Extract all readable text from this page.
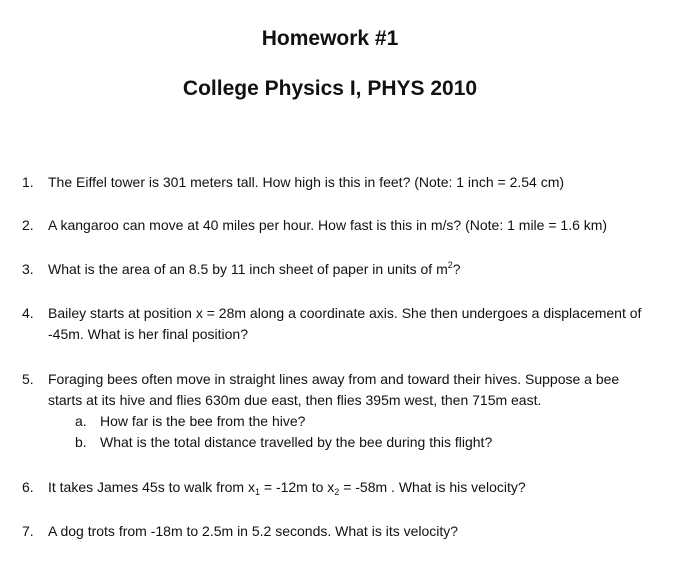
Homework #1
College Physics I, PHYS 2010
1.	The Eiffel tower is 301 meters tall. How high is this in feet? (Note: 1 inch = 2.54 cm)
2.	A kangaroo can move at 40 miles per hour. How fast is this in m/s? (Note: 1 mile = 1.6 km)
3.	What is the area of an 8.5 by 11 inch sheet of paper in units of $m^2$?
4.	Bailey starts at position x = 28m along a coordinate axis. She then undergoes a displacement of
-45m. What is her final position?
5.	Foraging bees often move in straight lines away from and toward their hives. Suppose a bee
starts at its hive and flies 630m due east, then flies 395m west, then 715m east.
a. How far is the bee from the hive?
b. What is the total distance travelled by the bee during this flight?
6.	It takes James 45s to walk from $x_1 = -12m$ to $x_2 = -58m$ . What is his velocity?
7.	A dog trots from -18m to 2.5m in 5.2 seconds. What is its velocity?
